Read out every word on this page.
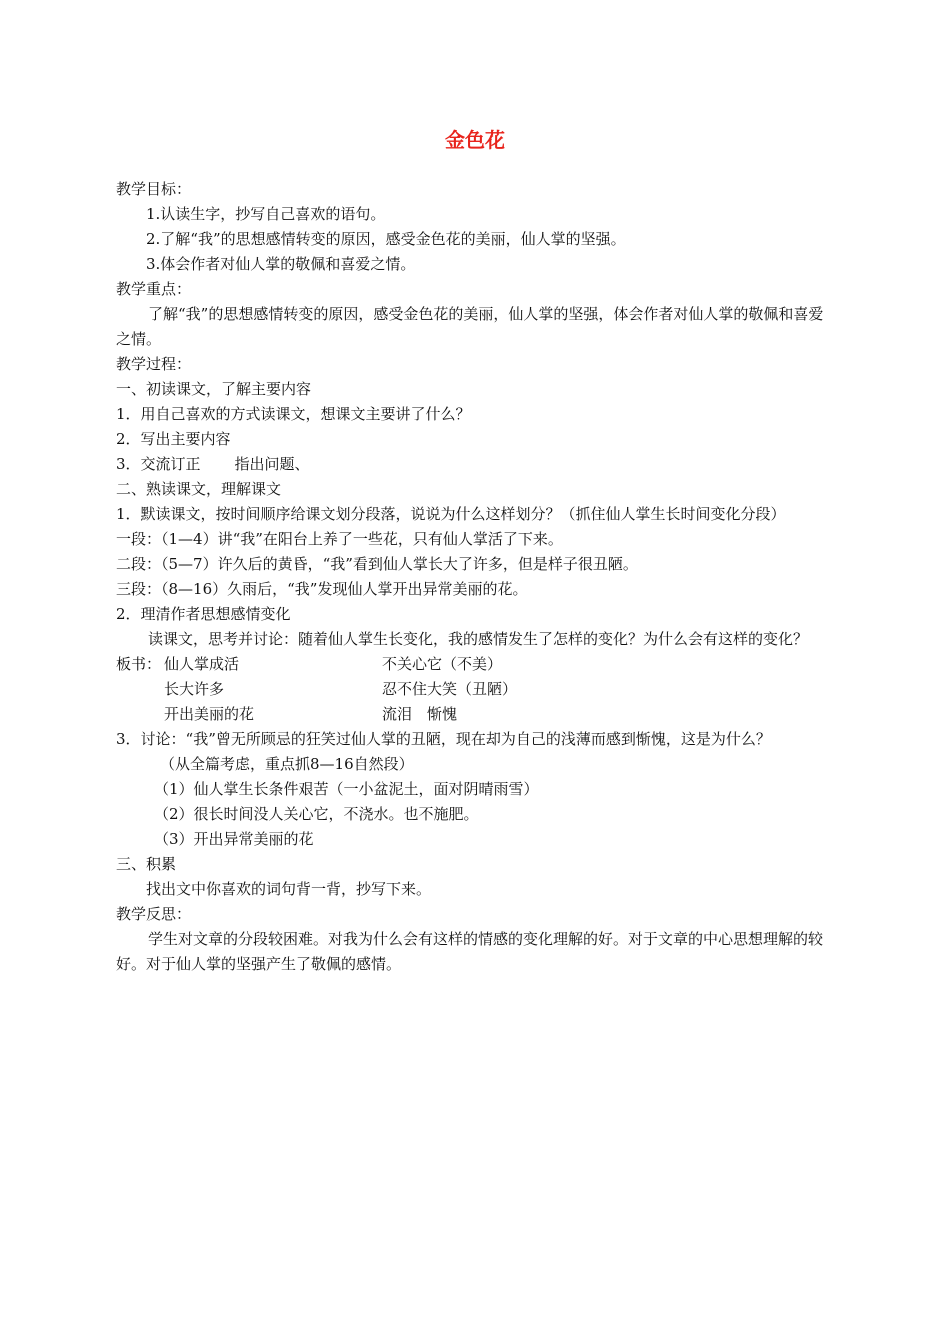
金色花
教学目标：
1.认读生字，抄写自己喜欢的语句。
2.了解“我”的思想感情转变的原因，感受金色花的美丽，仙人掌的坚强。
3.体会作者对仙人掌的敬佩和喜爱之情。
教学重点：
了解“我”的思想感情转变的原因，感受金色花的美丽，仙人掌的坚强，体会作者对仙人掌的敬佩和喜爱之情。
教学过程：
一、初读课文，了解主要内容
1．用自己喜欢的方式读课文，想课文主要讲了什么？
2．写出主要内容
3．交流订正 指出问题、
二、熟读课文，理解课文
1．默读课文，按时间顺序给课文划分段落，说说为什么这样划分？（抓住仙人掌生长时间变化分段）
一段：（1—4）讲“我”在阳台上养了一些花，只有仙人掌活了下来。
二段：（5—7）许久后的黄昏，“我”看到仙人掌长大了许多，但是样子很丑陋。
三段：（8—16）久雨后，“我”发现仙人掌开出异常美丽的花。
2．理清作者思想感情变化
读课文，思考并讨论：随着仙人掌生长变化，我的感情发生了怎样的变化？为什么会有这样的变化？
板书： 仙人掌成活	不关心它（不美）
长大许多	忍不住大笑（丑陋）
开出美丽的花	流泪　惭愧
3．讨论：“我”曾无所顾忌的狂笑过仙人掌的丑陋，现在却为自己的浅薄而感到惭愧，这是为什么？
（从全篇考虑，重点抓8—16自然段）
（1）仙人掌生长条件艰苦（一小盆泥土，面对阴晴雨雪）
（2）很长时间没人关心它，不浇水。也不施肥。
（3）开出异常美丽的花
三、积累
找出文中你喜欢的词句背一背，抄写下来。
教学反思：
学生对文章的分段较困难。对我为什么会有这样的情感的变化理解的好。对于文章的中心思想理解的较好。对于仙人掌的坚强产生了敬佩的感情。
